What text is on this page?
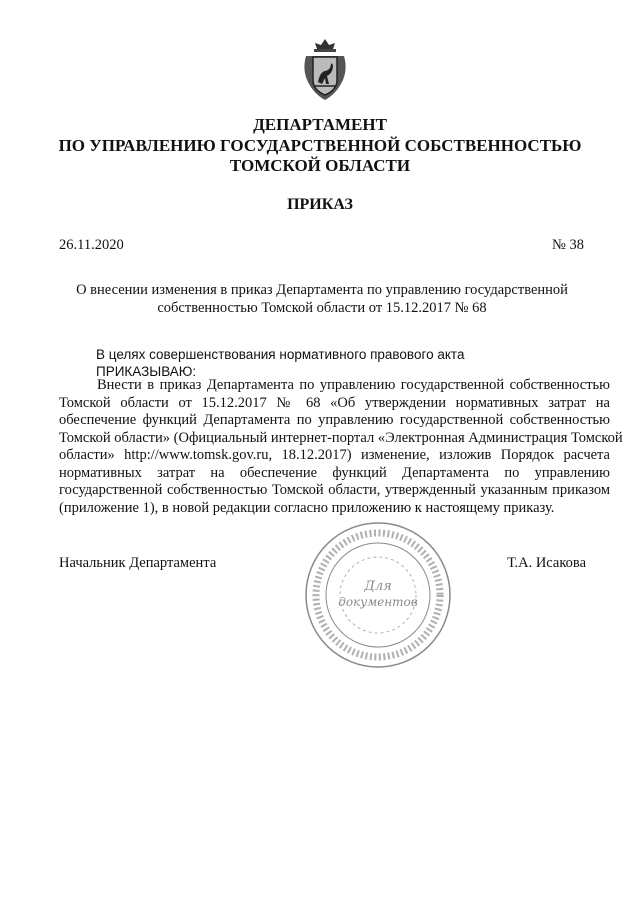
ДЕПАРТАМЕНТ
ПО УПРАВЛЕНИЮ ГОСУДАРСТВЕННОЙ СОБСТВЕННОСТЬЮ
ТОМСКОЙ ОБЛАСТИ
ПРИКАЗ
26.11.2020	№ 38
О внесении изменения в приказ Департамента по управлению государственной
собственностью Томской области от 15.12.2017 № 68
В целях совершенствования нормативного правового акта
ПРИКАЗЫВАЮ:
Внести в приказ Департамента по управлению государственной собственностью
Томской области от 15.12.2017 № 68 «Об утверждении нормативных затрат на
обеспечение функций Департамента по управлению государственной собственностью
Томской области» (Официальный интернет-портал «Электронная Администрация Томской
области» http://www.tomsk.gov.ru, 18.12.2017) изменение, изложив Порядок расчета
нормативных затрат на обеспечение функций Департамента по управлению
государственной собственностью Томской области, утвержденный указанным приказом
(приложение 1), в новой редакции согласно приложению к настоящему приказу.
Для
документов
Начальник Департамента	Т.А. Исакова
